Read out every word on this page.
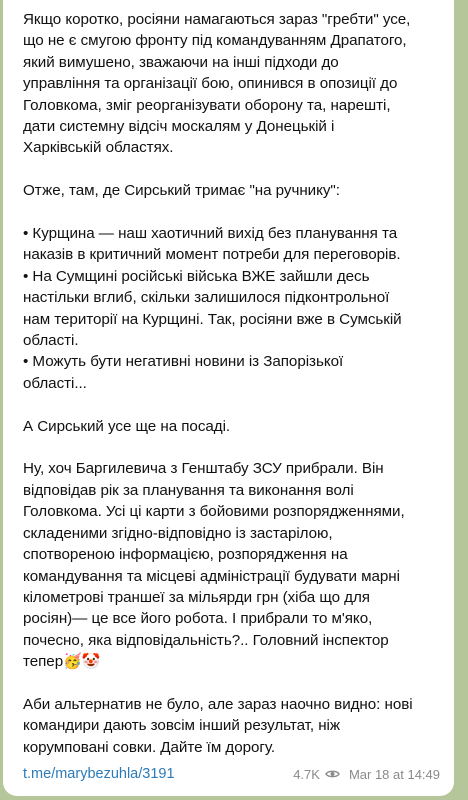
Якщо коротко, росіяни намагаються зараз "гребти" усе,
що не є смугою фронту під командуванням Драпатого,
який вимушено, зважаючи на інші підходи до
управління та організації бою, опинився в опозиції до
Головкома, зміг реорганізувати оборону та, нарешті,
дати системну відсіч москалям у Донецькій і
Харківській областях.

Отже, там, де Сирський тримає "на ручнику":

• Курщина — наш хаотичний вихід без планування та
наказів в критичний момент потреби для переговорів.
• На Сумщині російські війська ВЖЕ зайшли десь
настільки вглиб, скільки залишилося підконтрольної
нам території на Курщині. Так, росіяни вже в Сумській
області.
• Можуть бути негативні новини із Запорізької
області...

А Сирський усе ще на посаді.

Ну, хоч Баргилевича з Генштабу ЗСУ прибрали. Він
відповідав рік за планування та виконання волі
Головкома. Усі ці карти з бойовими розпорядженнями,
складеними згідно-відповідно із застарілою,
спотвореною інформацією, розпорядження на
командування та місцеві адміністрації будувати марні
кілометрові траншеї за мільярди грн (хіба що для
росіян)— це все його робота. І прибрали то м'яко,
почесно, яка відповідальність?.. Головний інспектор
тепер🥳🤡

Аби альтернатив не було, але зараз наочно видно: нові
командири дають зовсім інший результат, ніж
корумповані совки. Дайте їм дорогу.

t.me/marybezuhla/3191	4.7K Mar 18 at 14:49
